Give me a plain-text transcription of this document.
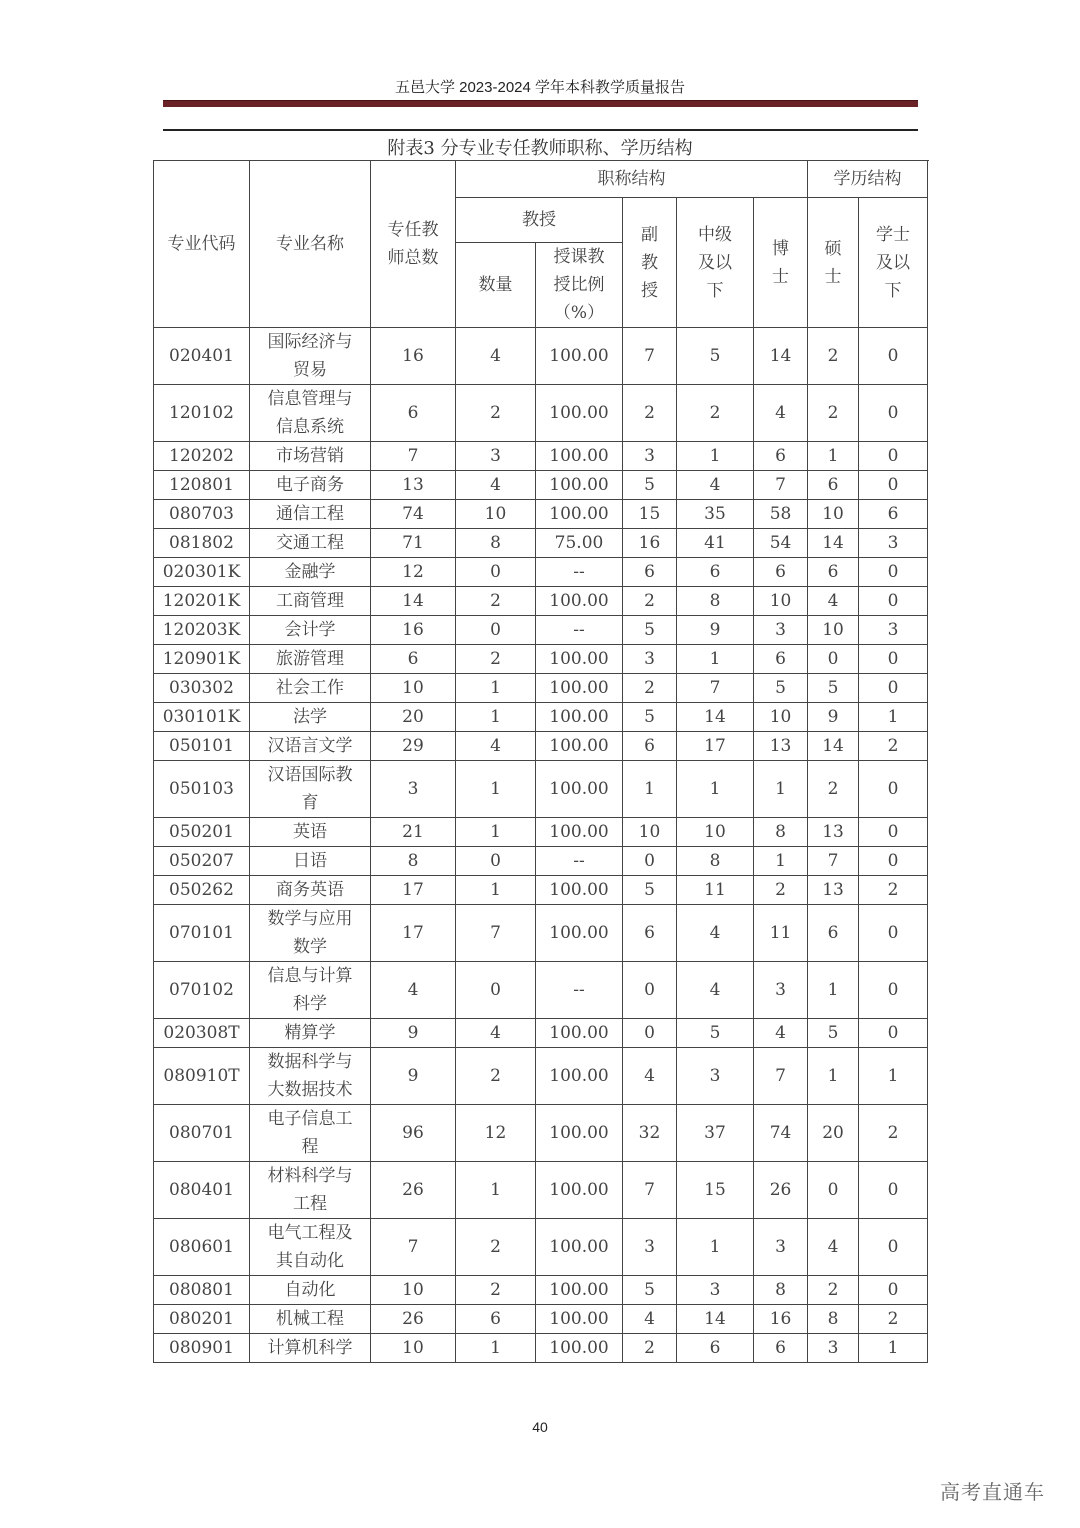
五邑大学 2023-2024 学年本科教学质量报告
附表3 分专业专任教师职称、学历结构
专业代码	专业名称	专任教师总数	职称结构					学历结构	
			教授		副教授	中级及以下	博士	硕士	学士及以下
			数量	授课教授比例（%）					
020401	国际经济与贸易	16	4	100.00	7	5	14	2	0
120102	信息管理与信息系统	6	2	100.00	2	2	4	2	0
120202	市场营销	7	3	100.00	3	1	6	1	0
120801	电子商务	13	4	100.00	5	4	7	6	0
080703	通信工程	74	10	100.00	15	35	58	10	6
081802	交通工程	71	8	75.00	16	41	54	14	3
020301K	金融学	12	0	--	6	6	6	6	0
120201K	工商管理	14	2	100.00	2	8	10	4	0
120203K	会计学	16	0	--	5	9	3	10	3
120901K	旅游管理	6	2	100.00	3	1	6	0	0
030302	社会工作	10	1	100.00	2	7	5	5	0
030101K	法学	20	1	100.00	5	14	10	9	1
050101	汉语言文学	29	4	100.00	6	17	13	14	2
050103	汉语国际教育	3	1	100.00	1	1	1	2	0
050201	英语	21	1	100.00	10	10	8	13	0
050207	日语	8	0	--	0	8	1	7	0
050262	商务英语	17	1	100.00	5	11	2	13	2
070101	数学与应用数学	17	7	100.00	6	4	11	6	0
070102	信息与计算科学	4	0	--	0	4	3	1	0
020308T	精算学	9	4	100.00	0	5	4	5	0
080910T	数据科学与大数据技术	9	2	100.00	4	3	7	1	1
080701	电子信息工程	96	12	100.00	32	37	74	20	2
080401	材料科学与工程	26	1	100.00	7	15	26	0	0
080601	电气工程及其自动化	7	2	100.00	3	1	3	4	0
080801	自动化	10	2	100.00	5	3	8	2	0
080201	机械工程	26	6	100.00	4	14	16	8	2
080901	计算机科学	10	1	100.00	2	6	6	3	1
40
高考直通车
